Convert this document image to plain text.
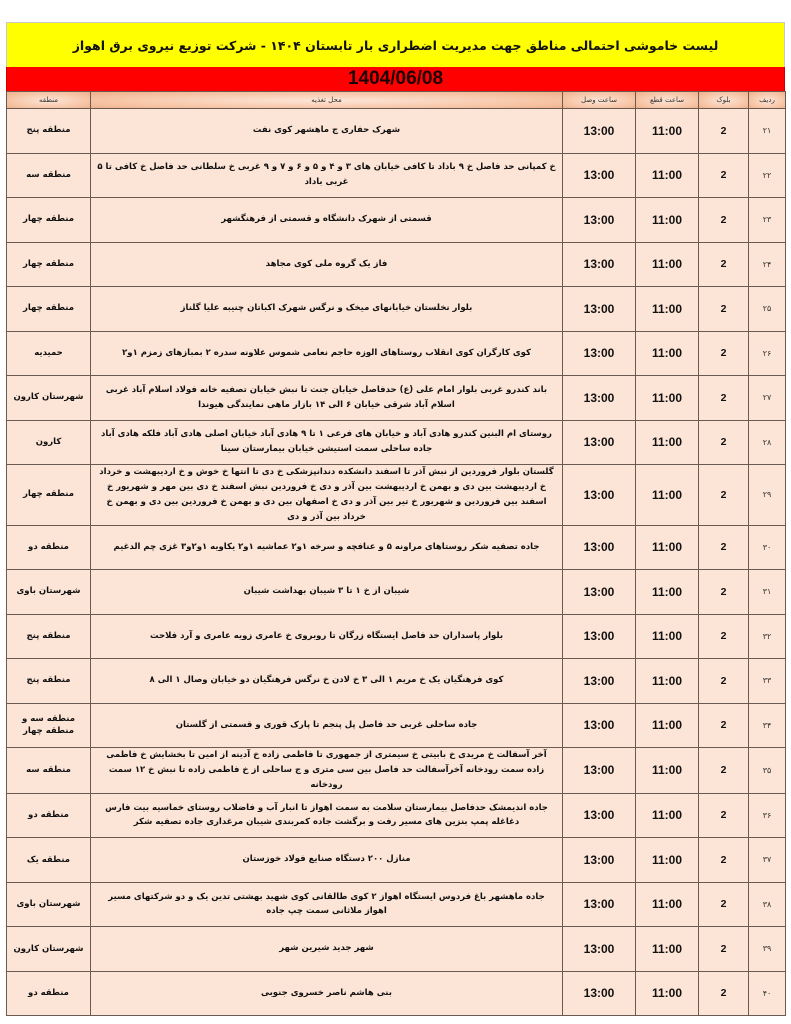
لیست خاموشی احتمالی مناطق جهت مدیریت اضطراری بار تابستان ۱۴۰۴ - شرکت توزیع نیروی برق اهواز
1404/06/08
منطقه	محل تغذیه	ساعت وصل	ساعت قطع	بلوک	ردیف
منطقه پنج	شهرک حفاری ج ماهشهر کوی نفت	13:00	11:00	2	۲۱
منطقه سه	خ کمپانی حد فاصل خ ۹ باداد تا کافی خیابان های ۳ و ۴ و ۵ و ۶ و ۷ و ۹ غربی خ سلطانی حد فاصل خ کافی تا ۵ غربی باداد	13:00	11:00	2	۲۲
منطقه چهار	قسمتی از شهرک دانشگاه و قسمتی از فرهنگشهر	13:00	11:00	2	۲۳
منطقه چهار	فاز یک گروه ملی کوی مجاهد	13:00	11:00	2	۲۴
منطقه چهار	بلوار نخلستان خیابانهای میخک و نرگس شهرک اکباتان چنیبه علیا گلناز	13:00	11:00	2	۲۵
حمیدیه	کوی کارگران کوی انقلاب روستاهای الوزه حاجم نعامی شموس علاونه سدره ۲ بمبازهای زمزم ۱و۲	13:00	11:00	2	۲۶
شهرستان کارون	باند کندرو غربی بلوار امام علی (ع) حدفاصل خیابان جنت تا نبش خیابان تصفیه خانه فولاد اسلام آباد غربی اسلام آباد شرقی خیابان ۶ الی ۱۴ بازار ماهی نمایندگی هیوندا	13:00	11:00	2	۲۷
کارون	روستای ام البنین کندرو هادی آباد و خیابان های فرعی ۱ تا ۹ هادی آباد خیابان اصلی هادی آباد فلکه هادی آباد جاده ساحلی سمت استیشن خیابان بیمارستان سینا	13:00	11:00	2	۲۸
منطقه چهار	گلستان بلوار فروردین از نبش آذر تا اسفند دانشکده دندانپزشکی خ دی تا انتها خ خوش و خ اردیبهشت و خرداد خ اردیبهشت بین دی و بهمن خ اردیبهشت بین آذر و دی خ فروردین نبش اسفند خ دی بین مهر و شهریور خ اسفند بین فروردین و شهریور خ تیر بین آذر و دی خ اصفهان بین دی و بهمن خ فروردین بین دی و بهمن خ خرداد بین آذر و دی	13:00	11:00	2	۲۹
منطقه دو	جاده تصفیه شکر روستاهای مراونه ۵ و عنافچه و سرخه ۱و۲ عماشیه ۱و۲ یکاویه ۱و۲و۳ غزی چم الدغیم	13:00	11:00	2	۳۰
شهرستان باوی	شیبان از خ ۱ تا ۳ شیبان بهداشت شیبان	13:00	11:00	2	۳۱
منطقه پنج	بلوار پاسداران حد فاصل ایستگاه زرگان تا روبروی خ عامری زویه عامری و آرد فلاحت	13:00	11:00	2	۳۲
منطقه پنج	کوی فرهنگیان یک خ مریم ۱ الی ۳ خ لادن خ نرگس فرهنگیان دو خیابان وصال ۱ الی ۸	13:00	11:00	2	۳۳
منطقه سه و منطقه چهار	جاده ساحلی غربی حد فاصل پل پنجم تا پارک قوری و قسمتی از گلستان	13:00	11:00	2	۳۴
منطقه سه	آخر آسفالت خ مریدی خ بابیتی خ سیمتری از جمهوری تا فاطمی زاده خ آدینه از امین تا بخشایش خ فاطمی زاده سمت رودخانه آخرآسفالت حد فاصل بین سی متری و ج ساحلی از خ فاطمی زاده تا نبش خ ۱۲ سمت رودخانه	13:00	11:00	2	۳۵
منطقه دو	جاده اندیمشک حدفاصل بیمارستان سلامت به سمت اهواز تا انبار آب و فاضلاب روستای خماسیه بیت فارس دغاغله پمپ بنزین های مسیر رفت و برگشت جاده کمربندی شیبان مرغداری جاده تصفیه شکر	13:00	11:00	2	۳۶
منطقه یک	منازل ۲۰۰ دستگاه صنایع فولاد خوزستان	13:00	11:00	2	۳۷
شهرستان باوی	جاده ماهشهر باغ فردوس ایستگاه اهواز ۲ کوی طالقانی کوی شهید بهشتی تدین یک و دو شرکتهای مسیر اهواز ملاثانی سمت چپ جاده	13:00	11:00	2	۳۸
شهرستان کارون	شهر جدید شیرین شهر	13:00	11:00	2	۳۹
منطقه دو	بنی هاشم ناصر خسروی جنوبی	13:00	11:00	2	۴۰
